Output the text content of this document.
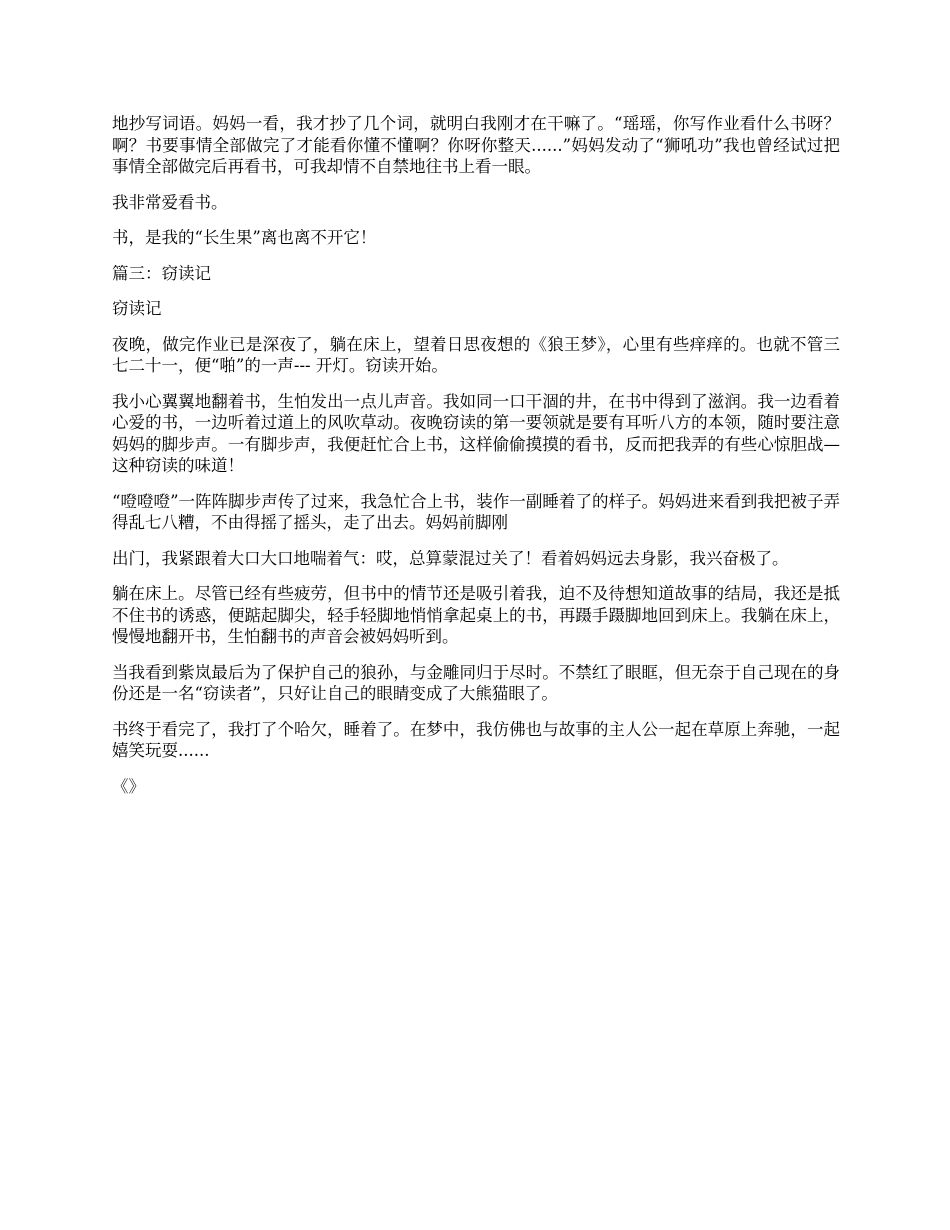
地抄写词语。妈妈一看，我才抄了几个词，就明白我刚才在干嘛了。“瑶瑶，你写作业看什么书呀？啊？书要事情全部做完了才能看你懂不懂啊？你呀你整天......”妈妈发动了“狮吼功”我也曾经试过把事情全部做完后再看书，可我却情不自禁地往书上看一眼。

我非常爱看书。

书，是我的“长生果”离也离不开它！

篇三：窃读记

窃读记

夜晚，做完作业已是深夜了，躺在床上，望着日思夜想的《狼王梦》，心里有些痒痒的。也就不管三七二十一，便“啪”的一声--- 开灯。窃读开始。

我小心翼翼地翻着书，生怕发出一点儿声音。我如同一口干涸的井，在书中得到了滋润。我一边看着心爱的书，一边听着过道上的风吹草动。夜晚窃读的第一要领就是要有耳听八方的本领，随时要注意妈妈的脚步声。一有脚步声，我便赶忙合上书，这样偷偷摸摸的看书，反而把我弄的有些心惊胆战—这种窃读的味道！

“噔噔噔”一阵阵脚步声传了过来，我急忙合上书，装作一副睡着了的样子。妈妈进来看到我把被子弄得乱七八糟，不由得摇了摇头，走了出去。妈妈前脚刚

出门，我紧跟着大口大口地喘着气：哎，总算蒙混过关了！看着妈妈远去身影，我兴奋极了。

躺在床上。尽管已经有些疲劳，但书中的情节还是吸引着我，迫不及待想知道故事的结局，我还是抵不住书的诱惑，便踮起脚尖，轻手轻脚地悄悄拿起桌上的书，再蹑手蹑脚地回到床上。我躺在床上，慢慢地翻开书，生怕翻书的声音会被妈妈听到。

当我看到紫岚最后为了保护自己的狼孙，与金雕同归于尽时。不禁红了眼眶，但无奈于自己现在的身份还是一名“窃读者”，只好让自己的眼睛变成了大熊猫眼了。

书终于看完了，我打了个哈欠，睡着了。在梦中，我仿佛也与故事的主人公一起在草原上奔驰，一起嬉笑玩耍......

《》
